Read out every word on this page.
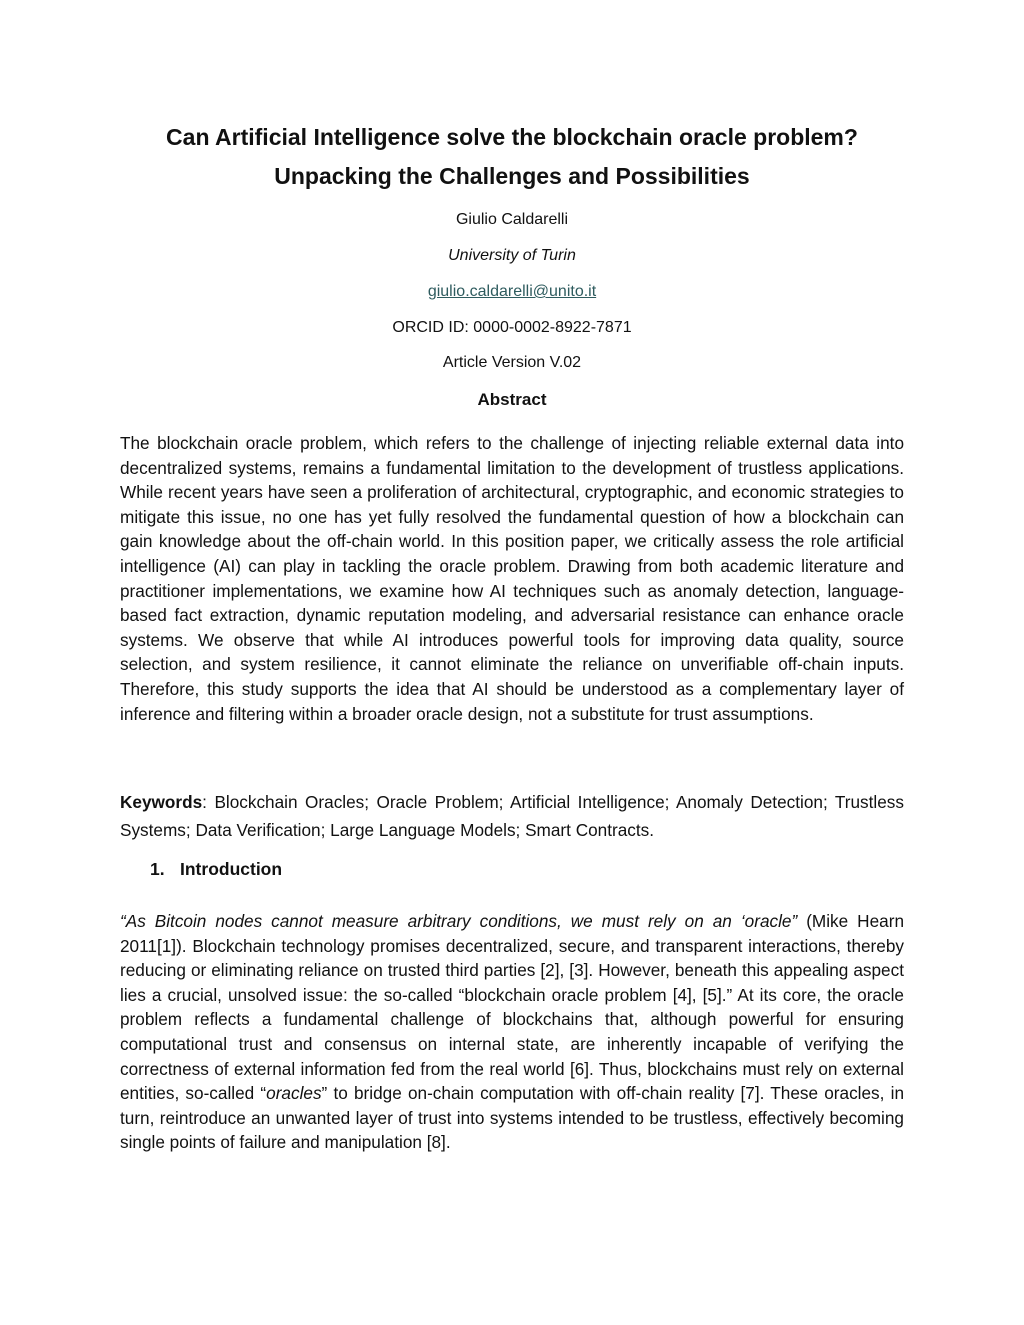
Can Artificial Intelligence solve the blockchain oracle problem?
Unpacking the Challenges and Possibilities

Giulio Caldarelli

University of Turin

giulio.caldarelli@unito.it

ORCID ID: 0000-0002-8922-7871

Article Version V.02

Abstract

The blockchain oracle problem, which refers to the challenge of injecting reliable external data into decentralized systems, remains a fundamental limitation to the development of trustless applications. While recent years have seen a proliferation of architectural, cryptographic, and economic strategies to mitigate this issue, no one has yet fully resolved the fundamental question of how a blockchain can gain knowledge about the off-chain world. In this position paper, we critically assess the role artificial intelligence (AI) can play in tackling the oracle problem. Drawing from both academic literature and practitioner implementations, we examine how AI techniques such as anomaly detection, language-based fact extraction, dynamic reputation modeling, and adversarial resistance can enhance oracle systems. We observe that while AI introduces powerful tools for improving data quality, source selection, and system resilience, it cannot eliminate the reliance on unverifiable off-chain inputs. Therefore, this study supports the idea that AI should be understood as a complementary layer of inference and filtering within a broader oracle design, not a substitute for trust assumptions.

Keywords: Blockchain Oracles; Oracle Problem; Artificial Intelligence; Anomaly Detection; Trustless Systems; Data Verification; Large Language Models; Smart Contracts.

1. Introduction

“As Bitcoin nodes cannot measure arbitrary conditions, we must rely on an ‘oracle” (Mike Hearn 2011[1]). Blockchain technology promises decentralized, secure, and transparent interactions, thereby reducing or eliminating reliance on trusted third parties [2], [3]. However, beneath this appealing aspect lies a crucial, unsolved issue: the so-called “blockchain oracle problem [4], [5].” At its core, the oracle problem reflects a fundamental challenge of blockchains that, although powerful for ensuring computational trust and consensus on internal state, are inherently incapable of verifying the correctness of external information fed from the real world [6]. Thus, blockchains must rely on external entities, so-called “oracles” to bridge on-chain computation with off-chain reality [7]. These oracles, in turn, reintroduce an unwanted layer of trust into systems intended to be trustless, effectively becoming single points of failure and manipulation [8].
